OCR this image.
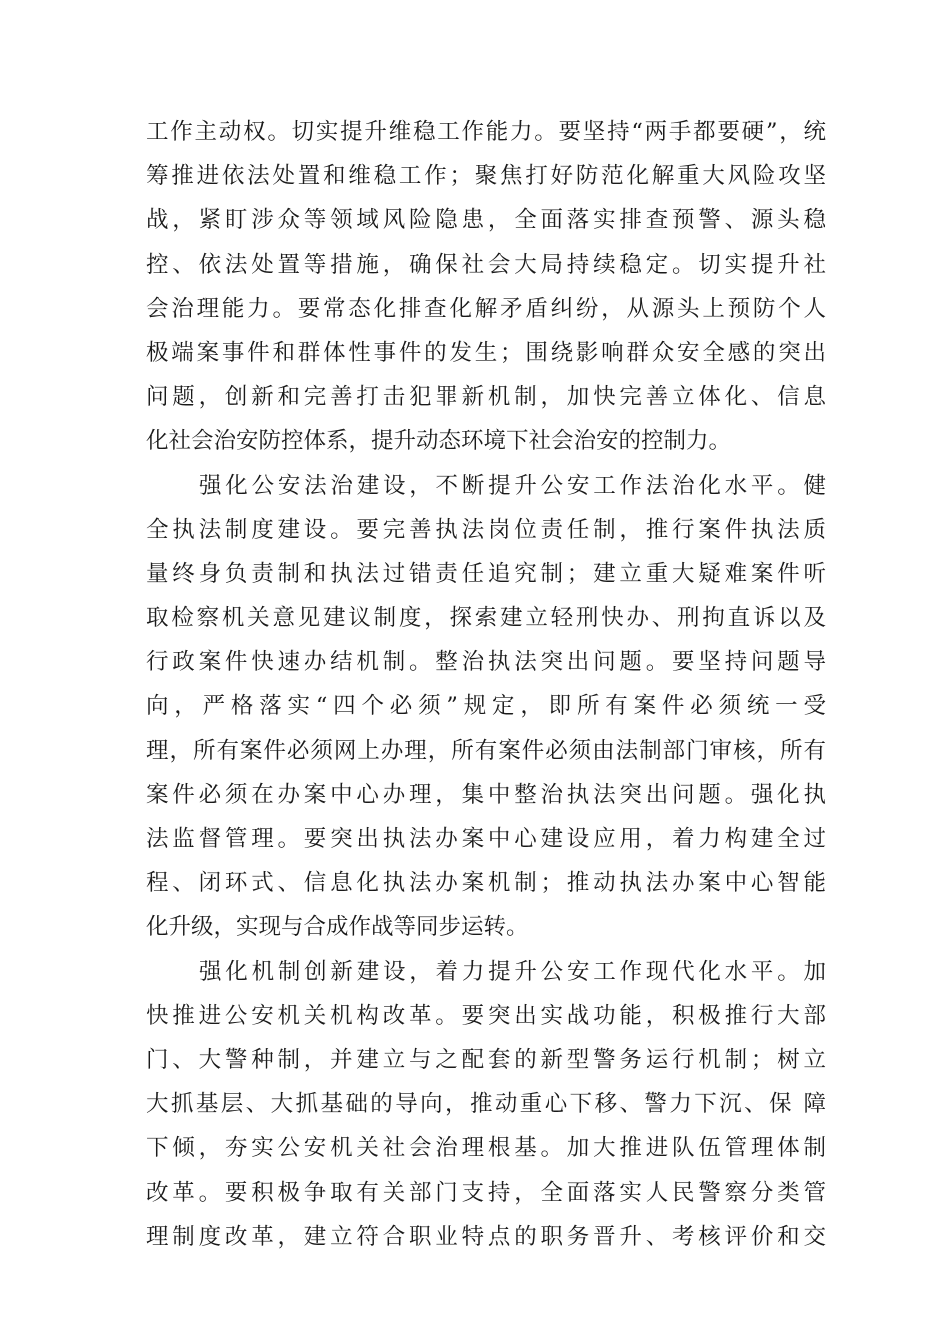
工作主动权。切实提升维稳工作能力。要坚持“两手都要硬”，统
筹推进依法处置和维稳工作；聚焦打好防范化解重大风险攻坚
战，紧盯涉众等领域风险隐患，全面落实排查预警、源头稳
控、依法处置等措施，确保社会大局持续稳定。切实提升社
会治理能力。要常态化排查化解矛盾纠纷，从源头上预防个人
极端案事件和群体性事件的发生；围绕影响群众安全感的突出
问题，创新和完善打击犯罪新机制，加快完善立体化、信息
化社会治安防控体系，提升动态环境下社会治安的控制力。
强化公安法治建设，不断提升公安工作法治化水平。健
全执法制度建设。要完善执法岗位责任制，推行案件执法质
量终身负责制和执法过错责任追究制；建立重大疑难案件听
取检察机关意见建议制度，探索建立轻刑快办、刑拘直诉以及
行政案件快速办结机制。整治执法突出问题。要坚持问题导
向，严格落实“四个必须”规定，即所有案件必须统一受
理，所有案件必须网上办理，所有案件必须由法制部门审核，所有
案件必须在办案中心办理，集中整治执法突出问题。强化执
法监督管理。要突出执法办案中心建设应用，着力构建全过
程、闭环式、信息化执法办案机制；推动执法办案中心智能
化升级，实现与合成作战等同步运转。
强化机制创新建设，着力提升公安工作现代化水平。加
快推进公安机关机构改革。要突出实战功能，积极推行大部
门、大警种制，并建立与之配套的新型警务运行机制；树立
大抓基层、大抓基础的导向，推动重心下移、警力下沉、保 障
下倾，夯实公安机关社会治理根基。加大推进队伍管理体制
改革。要积极争取有关部门支持，全面落实人民警察分类管
理制度改革，建立符合职业特点的职务晋升、考核评价和交
